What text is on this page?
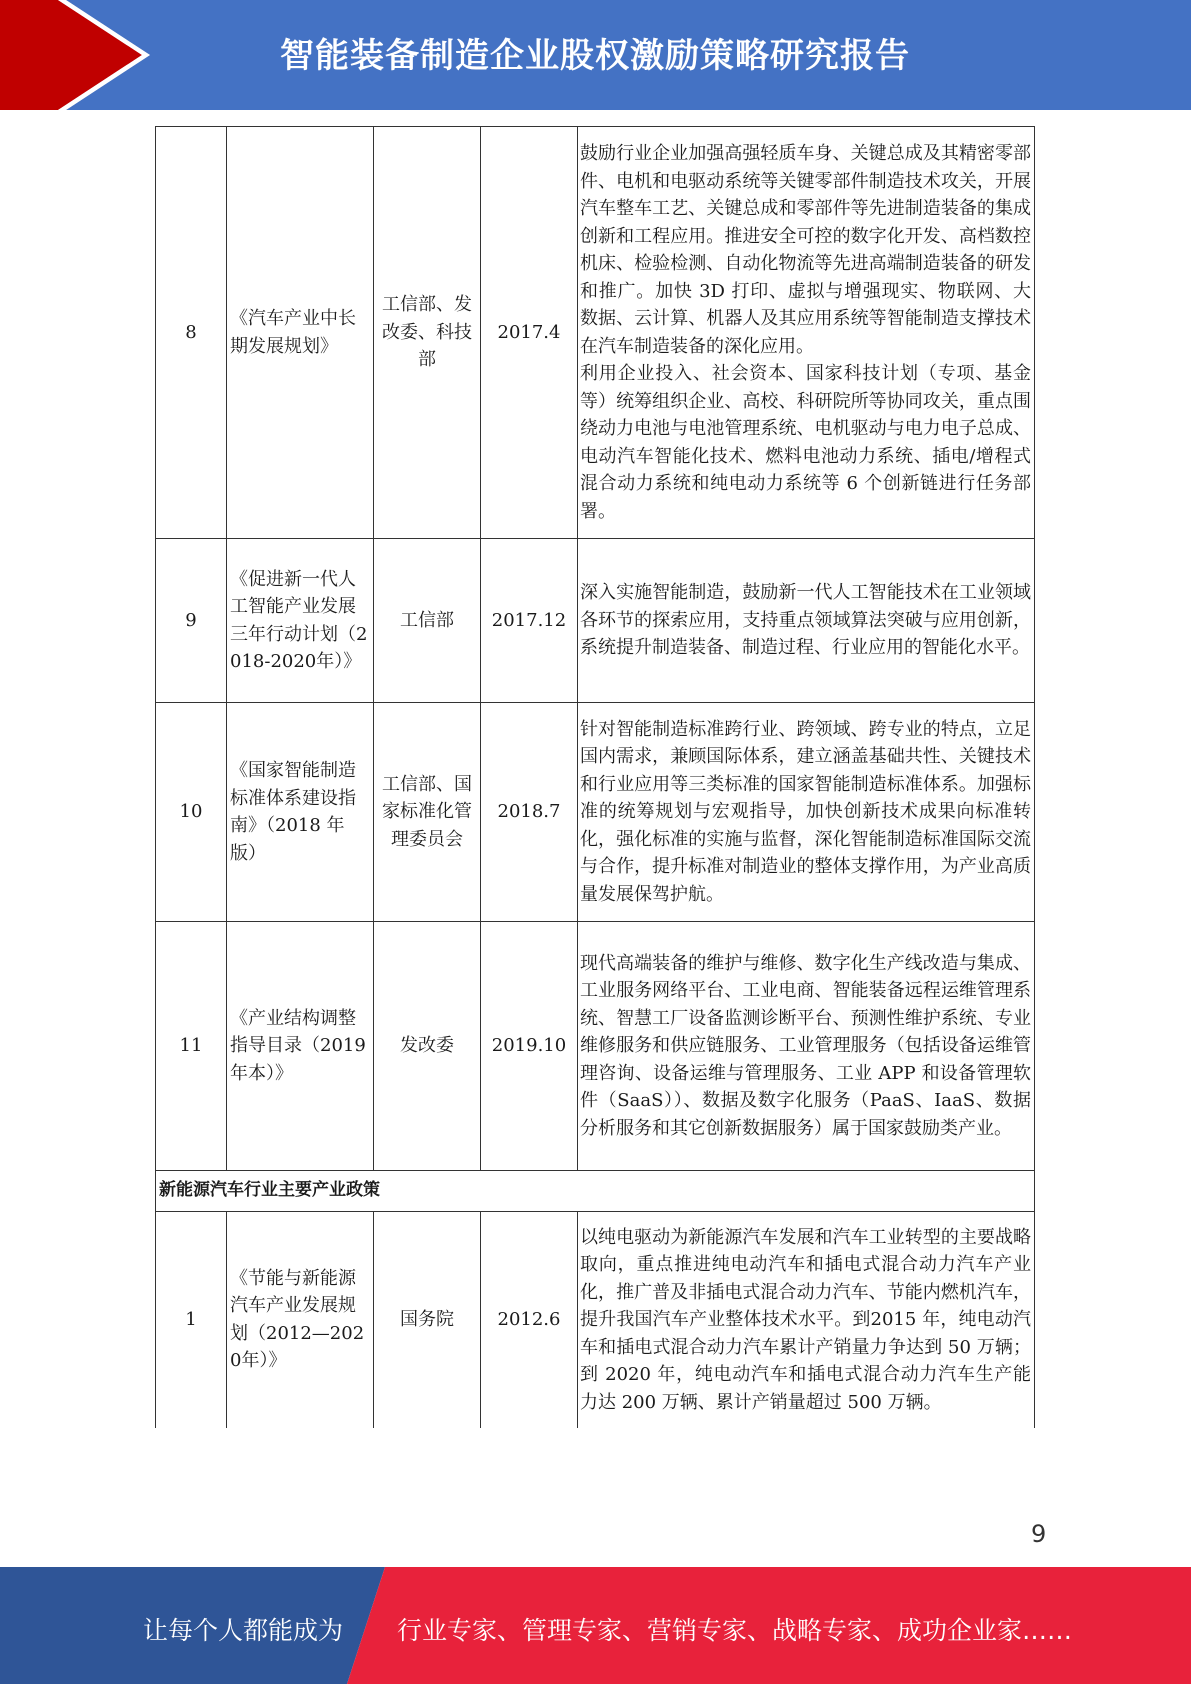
智能装备制造企业股权激励策略研究报告
8	《汽车产业中长期发展规划》	工信部、发改委、科技部	2017.4	鼓励行业企业加强高强轻质车身、关键总成及其精密零部件、电机和电驱动系统等关键零部件制造技术攻关，开展汽车整车工艺、关键总成和零部件等先进制造装备的集成创新和工程应用。推进安全可控的数字化开发、高档数控机床、检验检测、自动化物流等先进高端制造装备的研发和推广。加快 3D 打印、虚拟与增强现实、物联网、大数据、云计算、机器人及其应用系统等智能制造支撑技术在汽车制造装备的深化应用。
利用企业投入、社会资本、国家科技计划（专项、基金等）统筹组织企业、高校、科研院所等协同攻关，重点围绕动力电池与电池管理系统、电机驱动与电力电子总成、电动汽车智能化技术、燃料电池动力系统、插电/增程式混合动力系统和纯电动力系统等 6 个创新链进行任务部署。

9	《促进新一代人工智能产业发展三年行动计划（2018-2020年）》	工信部	2017.12	深入实施智能制造，鼓励新一代人工智能技术在工业领域各环节的探索应用，支持重点领域算法突破与应用创新，系统提升制造装备、制造过程、行业应用的智能化水平。
10	《国家智能制造标准体系建设指南》（2018 年版）	工信部、国家标准化管理委员会	2018.7	针对智能制造标准跨行业、跨领域、跨专业的特点，立足国内需求，兼顾国际体系，建立涵盖基础共性、关键技术和行业应用等三类标准的国家智能制造标准体系。加强标准的统筹规划与宏观指导，加快创新技术成果向标准转化，强化标准的实施与监督，深化智能制造标准国际交流与合作，提升标准对制造业的整体支撑作用，为产业高质量发展保驾护航。
11	《产业结构调整指导目录（2019 年本）》	发改委	2019.10	现代高端装备的维护与维修、数字化生产线改造与集成、工业服务网络平台、工业电商、智能装备远程运维管理系统、智慧工厂设备监测诊断平台、预测性维护系统、专业维修服务和供应链服务、工业管理服务（包括设备运维管理咨询、设备运维与管理服务、工业 APP 和设备管理软件（SaaS））、数据及数字化服务（PaaS、IaaS、数据分析服务和其它创新数据服务）属于国家鼓励类产业。
新能源汽车行业主要产业政策				
1	《节能与新能源汽车产业发展规划（2012—2020年）》	国务院	2012.6	以纯电驱动为新能源汽车发展和汽车工业转型的主要战略取向，重点推进纯电动汽车和插电式混合动力汽车产业化，推广普及非插电式混合动力汽车、节能内燃机汽车，提升我国汽车产业整体技术水平。到2015 年，纯电动汽车和插电式混合动力汽车累计产销量力争达到 50 万辆；到 2020 年，纯电动汽车和插电式混合动力汽车生产能力达 200 万辆、累计产销量超过 500 万辆。
9
让每个人都能成为 行业专家、管理专家、营销专家、战略专家、成功企业家……
